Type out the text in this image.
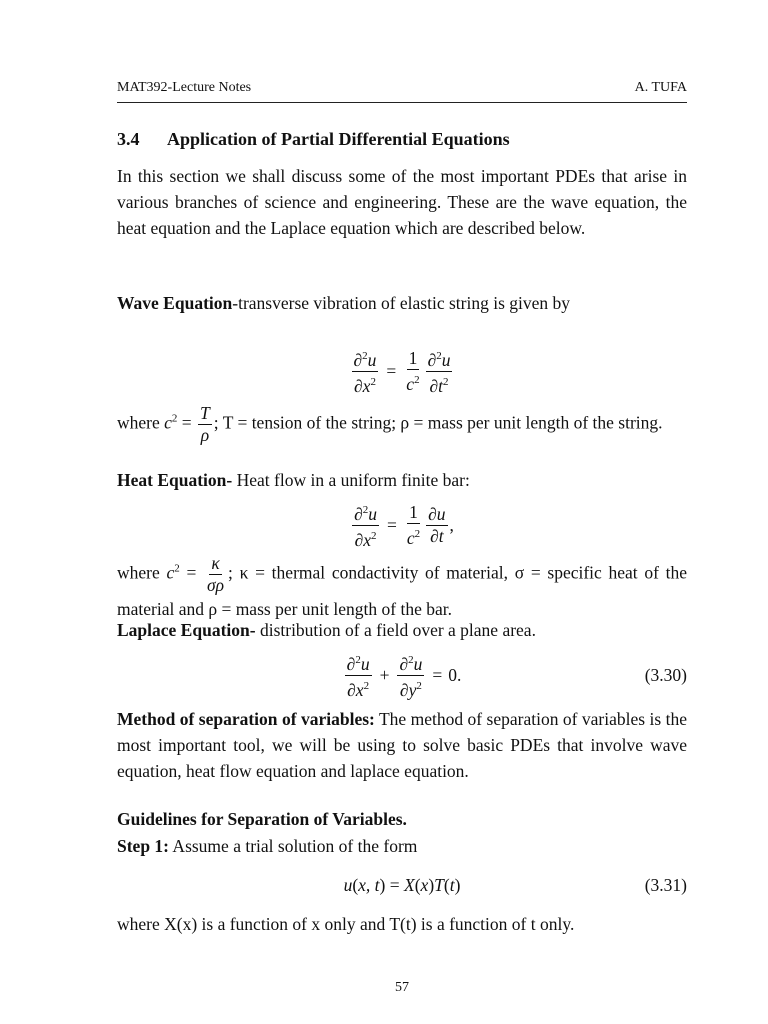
MAT392-Lecture Notes	A. TUFA
3.4 Application of Partial Differential Equations
In this section we shall discuss some of the most important PDEs that arise in various branches of science and engineering. These are the wave equation, the heat equation and the Laplace equation which are described below.
Wave Equation-transverse vibration of elastic string is given by
$\frac{\partial^2u}{\partial x^2} = \frac{1}{c^2} \frac{\partial^2u}{\partial t^2}$
where $c^2 = \frac{T}{\rho}$ ; T = tension of the string; ρ = mass per unit length of the string.
Heat Equation- Heat flow in a uniform finite bar:
$\frac{\partial^2u}{\partial x^2} = \frac{1}{c^2} \frac{\partial u}{\partial t}$ ,
where $c^2 = \frac{\kappa}{\sigma\rho}$ ; κ = thermal condactivity of material, σ = specific heat of the material and ρ = mass per unit length of the bar.
Laplace Equation- distribution of a field over a plane area.
$\frac{\partial^2u}{\partial x^2} + \frac{\partial^2u}{\partial y^2} = 0$.	(3.30)
Method of separation of variables: The method of separation of variables is the most important tool, we will be using to solve basic PDEs that involve wave equation, heat flow equation and laplace equation.
Guidelines for Separation of Variables.
Step 1: Assume a trial solution of the form
u(x, t) = X(x)T(t)	(3.31)
where X(x) is a function of x only and T(t) is a function of t only.
57
